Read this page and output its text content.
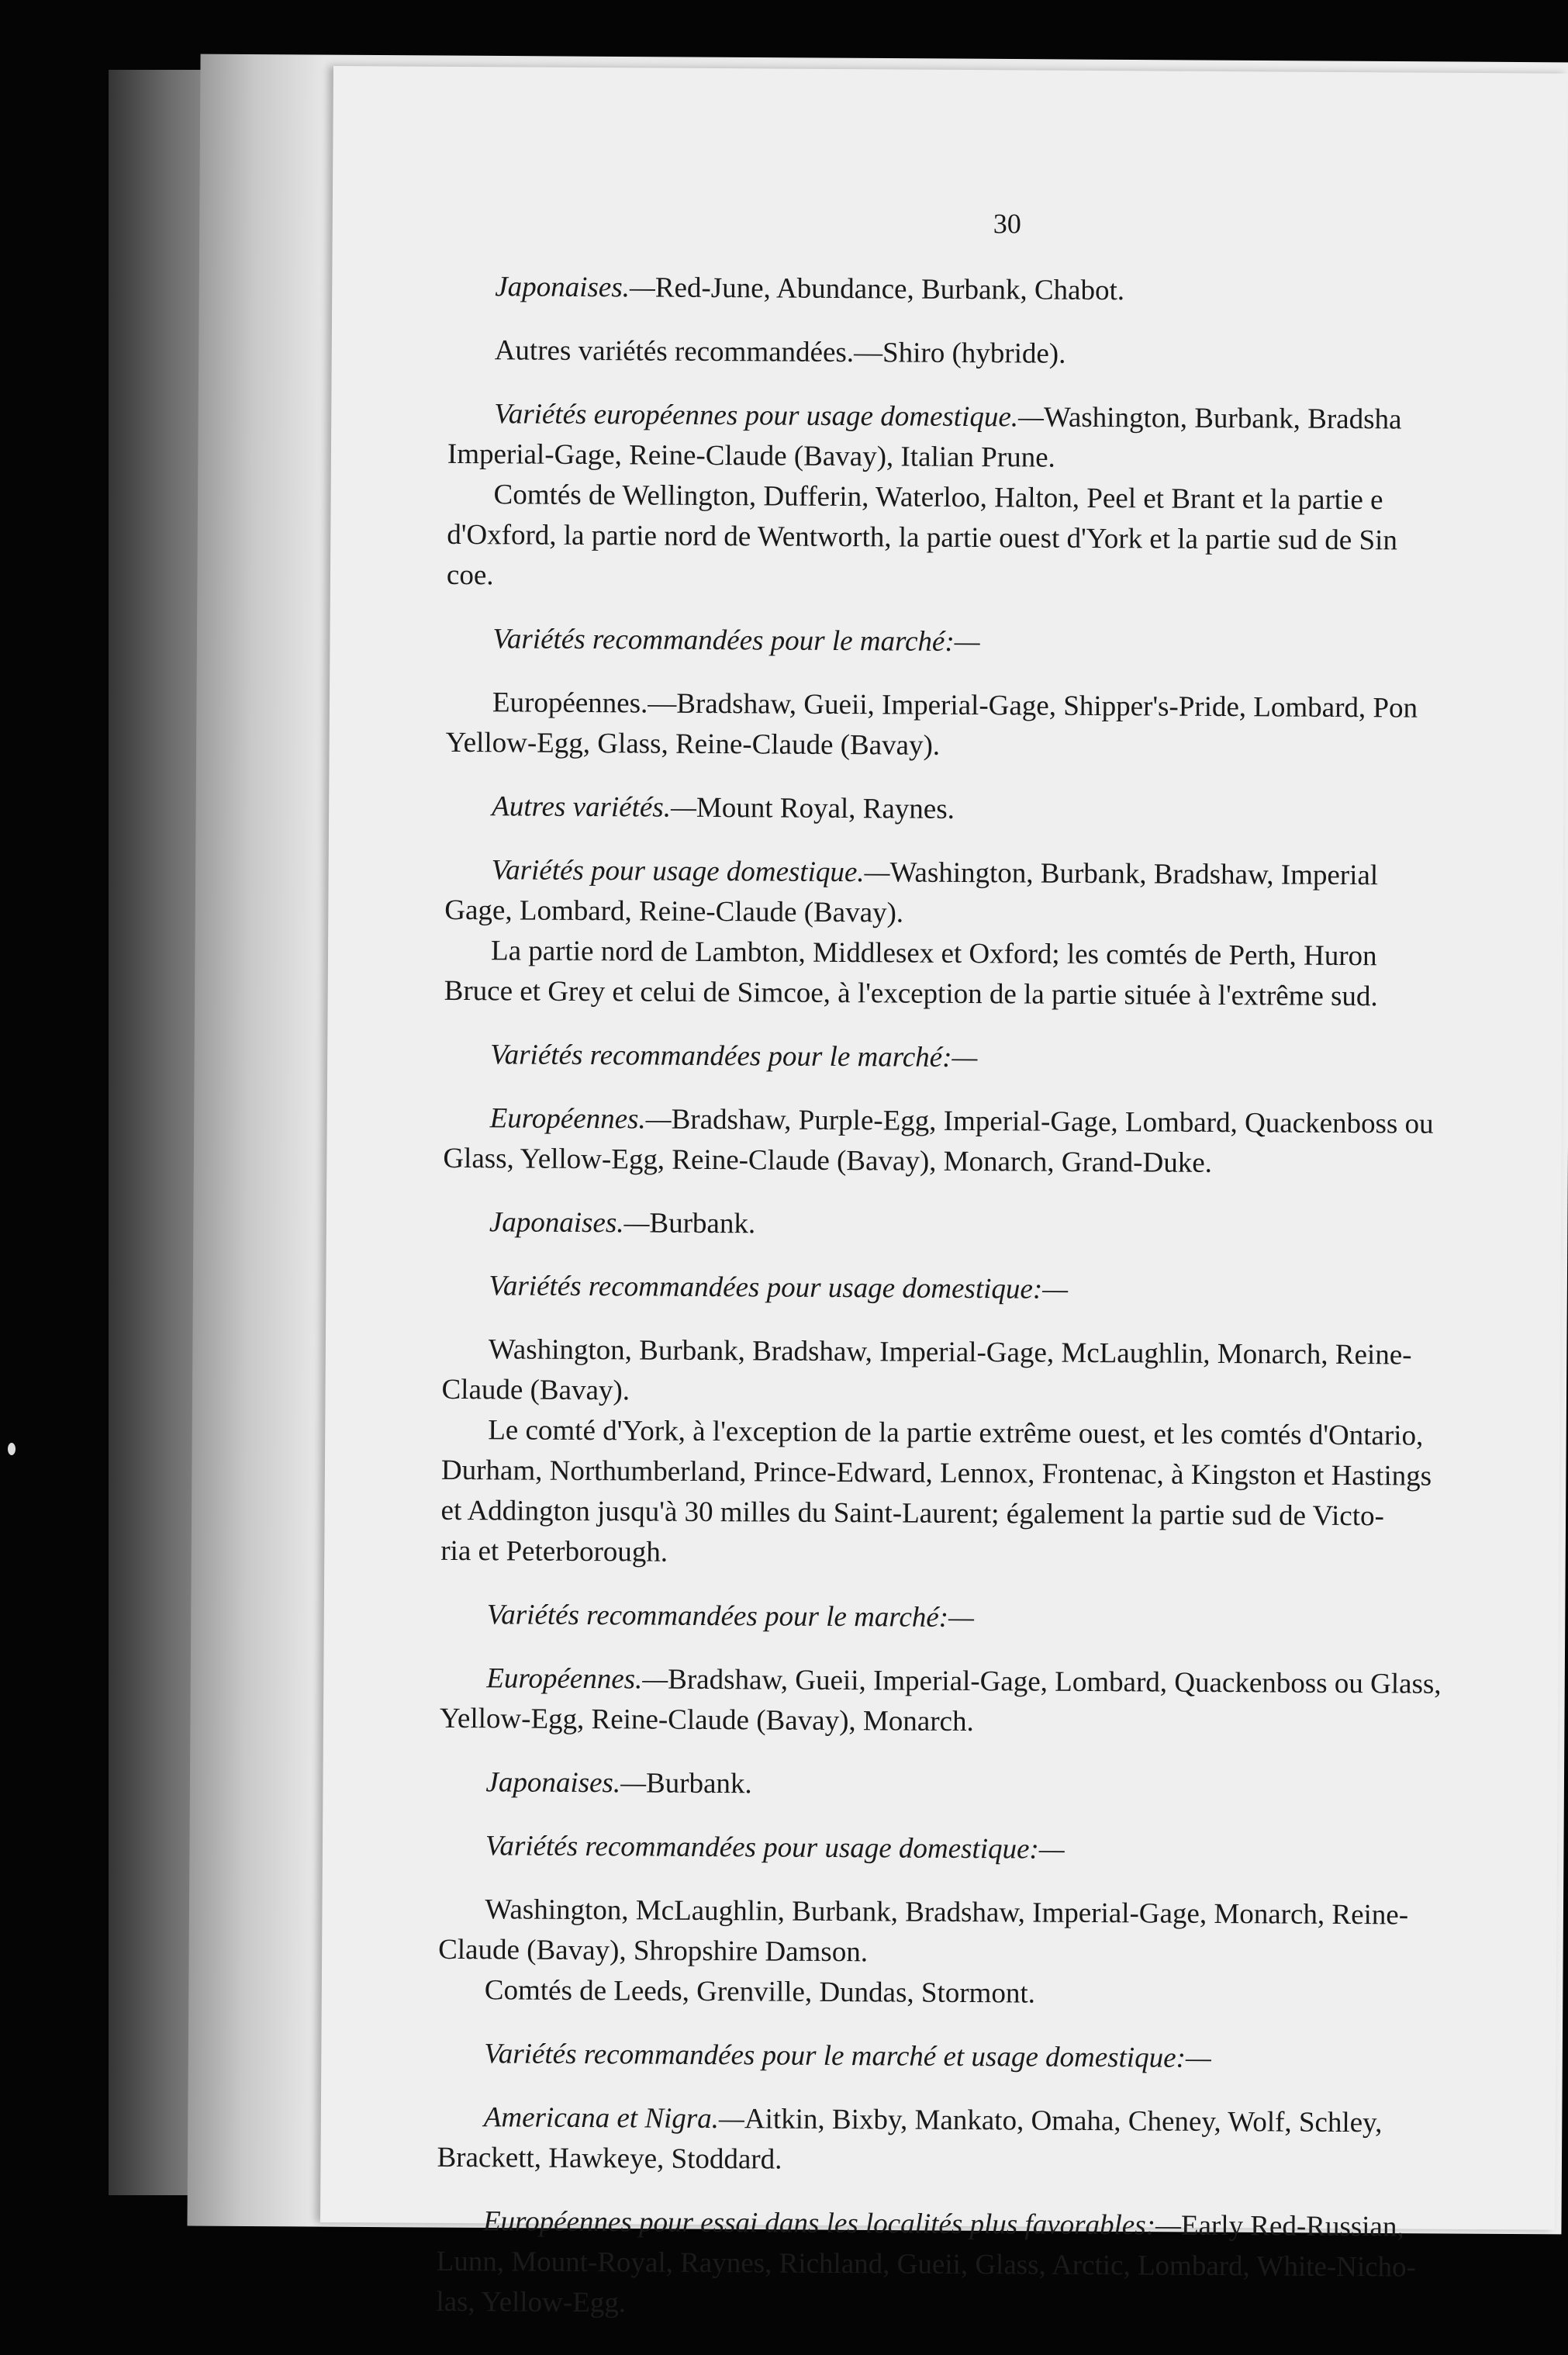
30

Japonaises.—Red-June, Abundance, Burbank, Chabot.

Autres variétés recommandées.—Shiro (hybride).

Variétés européennes pour usage domestique.—Washington, Burbank, Bradsha

Imperial-Gage, Reine-Claude (Bavay), Italian Prune.

Comtés de Wellington, Dufferin, Waterloo, Halton, Peel et Brant et la partie e

d'Oxford, la partie nord de Wentworth, la partie ouest d'York et la partie sud de Sin

coe.

Variétés recommandées pour le marché:—

Européennes.—Bradshaw, Gueii, Imperial-Gage, Shipper's-Pride, Lombard, Pon

Yellow-Egg, Glass, Reine-Claude (Bavay).

Autres variétés.—Mount Royal, Raynes.

Variétés pour usage domestique.—Washington, Burbank, Bradshaw, Imperial

Gage, Lombard, Reine-Claude (Bavay).

La partie nord de Lambton, Middlesex et Oxford; les comtés de Perth, Huron

Bruce et Grey et celui de Simcoe, à l'exception de la partie située à l'extrême sud.

Variétés recommandées pour le marché:—

Européennes.—Bradshaw, Purple-Egg, Imperial-Gage, Lombard, Quackenboss ou

Glass, Yellow-Egg, Reine-Claude (Bavay), Monarch, Grand-Duke.

Japonaises.—Burbank.

Variétés recommandées pour usage domestique:—

Washington, Burbank, Bradshaw, Imperial-Gage, McLaughlin, Monarch, Reine-

Claude (Bavay).

Le comté d'York, à l'exception de la partie extrême ouest, et les comtés d'Ontario,

Durham, Northumberland, Prince-Edward, Lennox, Frontenac, à Kingston et Hastings

et Addington jusqu'à 30 milles du Saint-Laurent; également la partie sud de Victo-

ria et Peterborough.

Variétés recommandées pour le marché:—

Européennes.—Bradshaw, Gueii, Imperial-Gage, Lombard, Quackenboss ou Glass,

Yellow-Egg, Reine-Claude (Bavay), Monarch.

Japonaises.—Burbank.

Variétés recommandées pour usage domestique:—

Washington, McLaughlin, Burbank, Bradshaw, Imperial-Gage, Monarch, Reine-

Claude (Bavay), Shropshire Damson.

Comtés de Leeds, Grenville, Dundas, Stormont.

Variétés recommandées pour le marché et usage domestique:—

Americana et Nigra.—Aitkin, Bixby, Mankato, Omaha, Cheney, Wolf, Schley,

Brackett, Hawkeye, Stoddard.

Européennes pour essai dans les localités plus favorables:—Early Red-Russian,

Lunn, Mount-Royal, Raynes, Richland, Gueii, Glass, Arctic, Lombard, White-Nicho-

las, Yellow-Egg.
